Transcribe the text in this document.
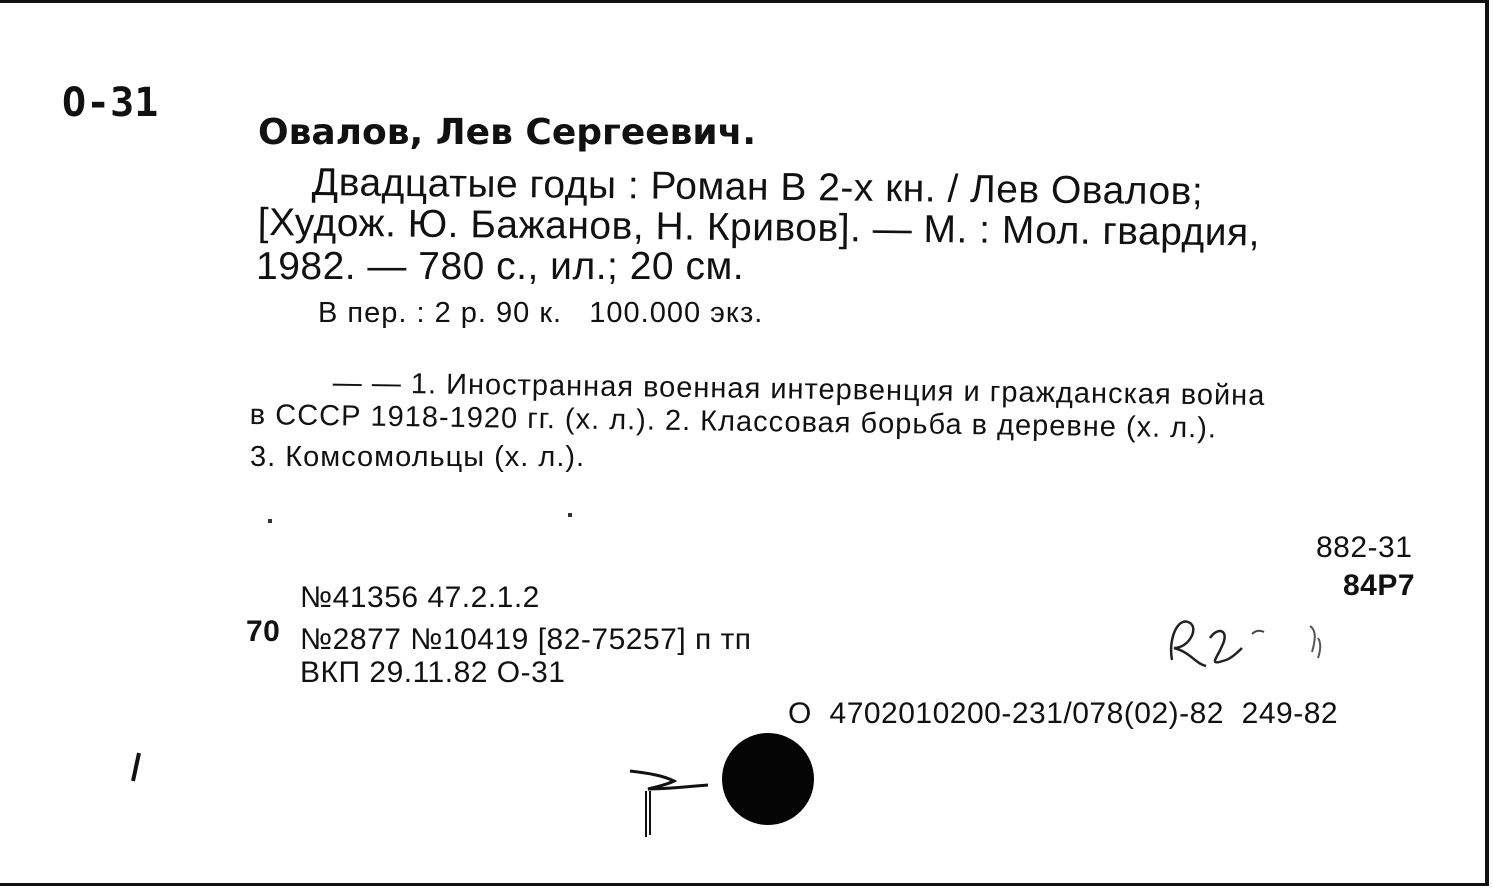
О-31
Овалов, Лев Сергеевич.
Двадцатые годы : Роман В 2-х кн. / Лев Овалов;
[Худож. Ю. Бажанов, Н. Кривов]. — М. : Мол. гвардия,
1982. — 780 с., ил.; 20 см.
В пер. : 2 р. 90 к.   100.000 экз.
— — 1. Иностранная военная интервенция и гражданская война
в СССР 1918-1920 гг. (х. л.). 2. Классовая борьба в деревне (х. л.).
3. Комсомольцы (х. л.).
882-31
84Р7
№41356 47.2.1.2
70 №2877 №10419 [82-75257] п тп
ВКП 29.11.82 О-31
О  4702010200-231/078(02)-82  249-82
